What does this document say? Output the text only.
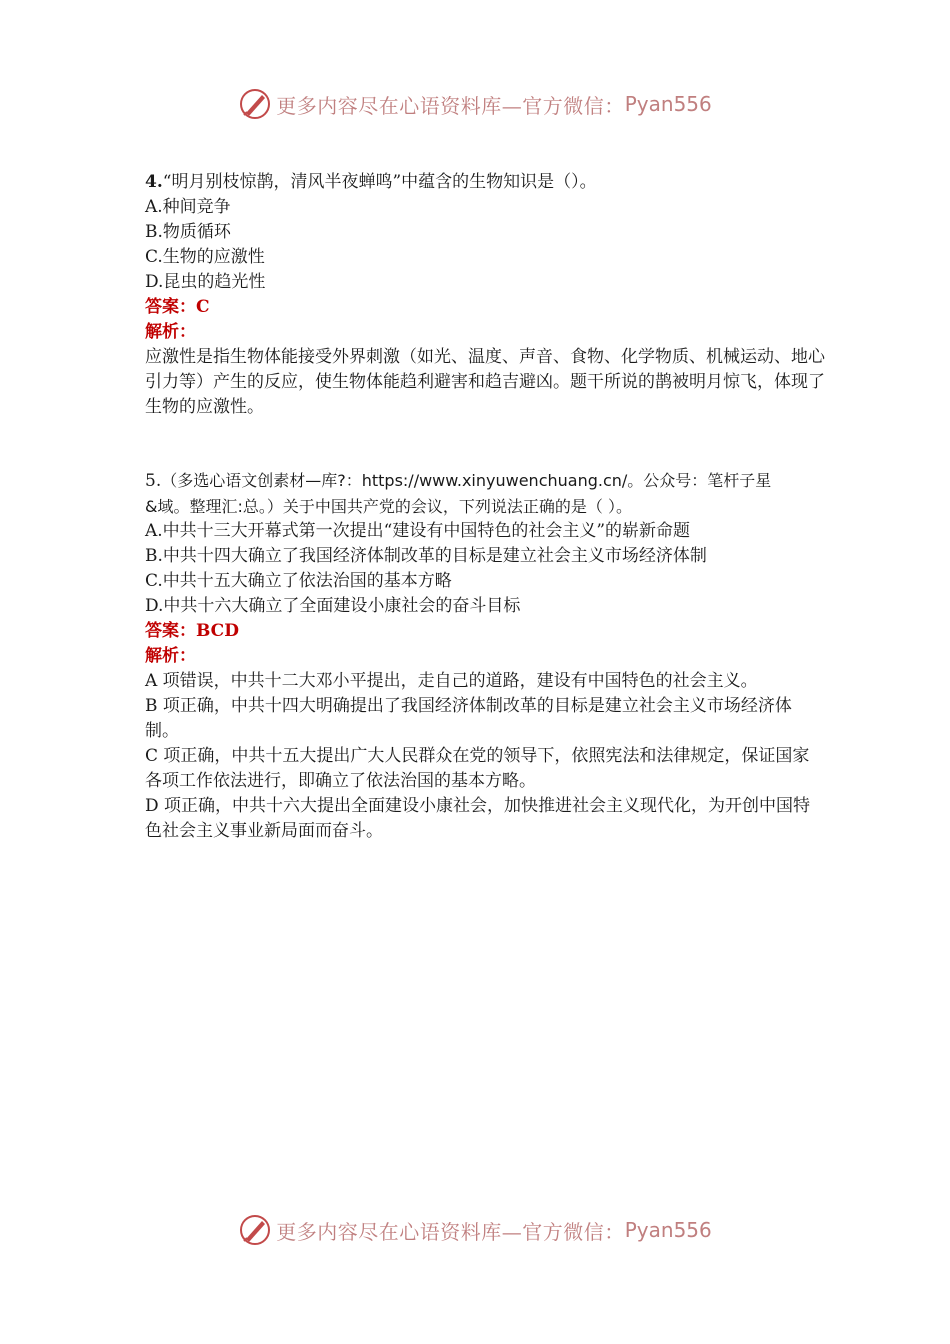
更多内容尽在心语资料库—官方微信： Pyan556
4.“明月别枝惊鹊，清风半夜蝉鸣”中蕴含的生物知识是（）。
A.种间竞争
B.物质循环
C.生物的应激性
D.昆虫的趋光性
答案：C
解析：
应激性是指生物体能接受外界刺激（如光、温度、声音、食物、化学物质、机械运动、地心引力等）产生的反应，使生物体能趋利避害和趋吉避凶。题干所说的鹊被明月惊飞，体现了生物的应激性。
5.（多选心语文创素材—库?：https://www.xinyuwenchuang.cn/。公众号：笔杆子星
&域。整理汇:总。）关于中国共产党的会议，下列说法正确的是（ ）。
A.中共十三大开幕式第一次提出“建设有中国特色的社会主义”的崭新命题
B.中共十四大确立了我国经济体制改革的目标是建立社会主义市场经济体制
C.中共十五大确立了依法治国的基本方略
D.中共十六大确立了全面建设小康社会的奋斗目标
答案：BCD
解析：
A 项错误，中共十二大邓小平提出，走自己的道路，建设有中国特色的社会主义。
B 项正确，中共十四大明确提出了我国经济体制改革的目标是建立社会主义市场经济体制。
C 项正确，中共十五大提出广大人民群众在党的领导下，依照宪法和法律规定，保证国家各项工作依法进行，即确立了依法治国的基本方略。
D 项正确，中共十六大提出全面建设小康社会，加快推进社会主义现代化，为开创中国特色社会主义事业新局面而奋斗。
更多内容尽在心语资料库—官方微信： Pyan556
